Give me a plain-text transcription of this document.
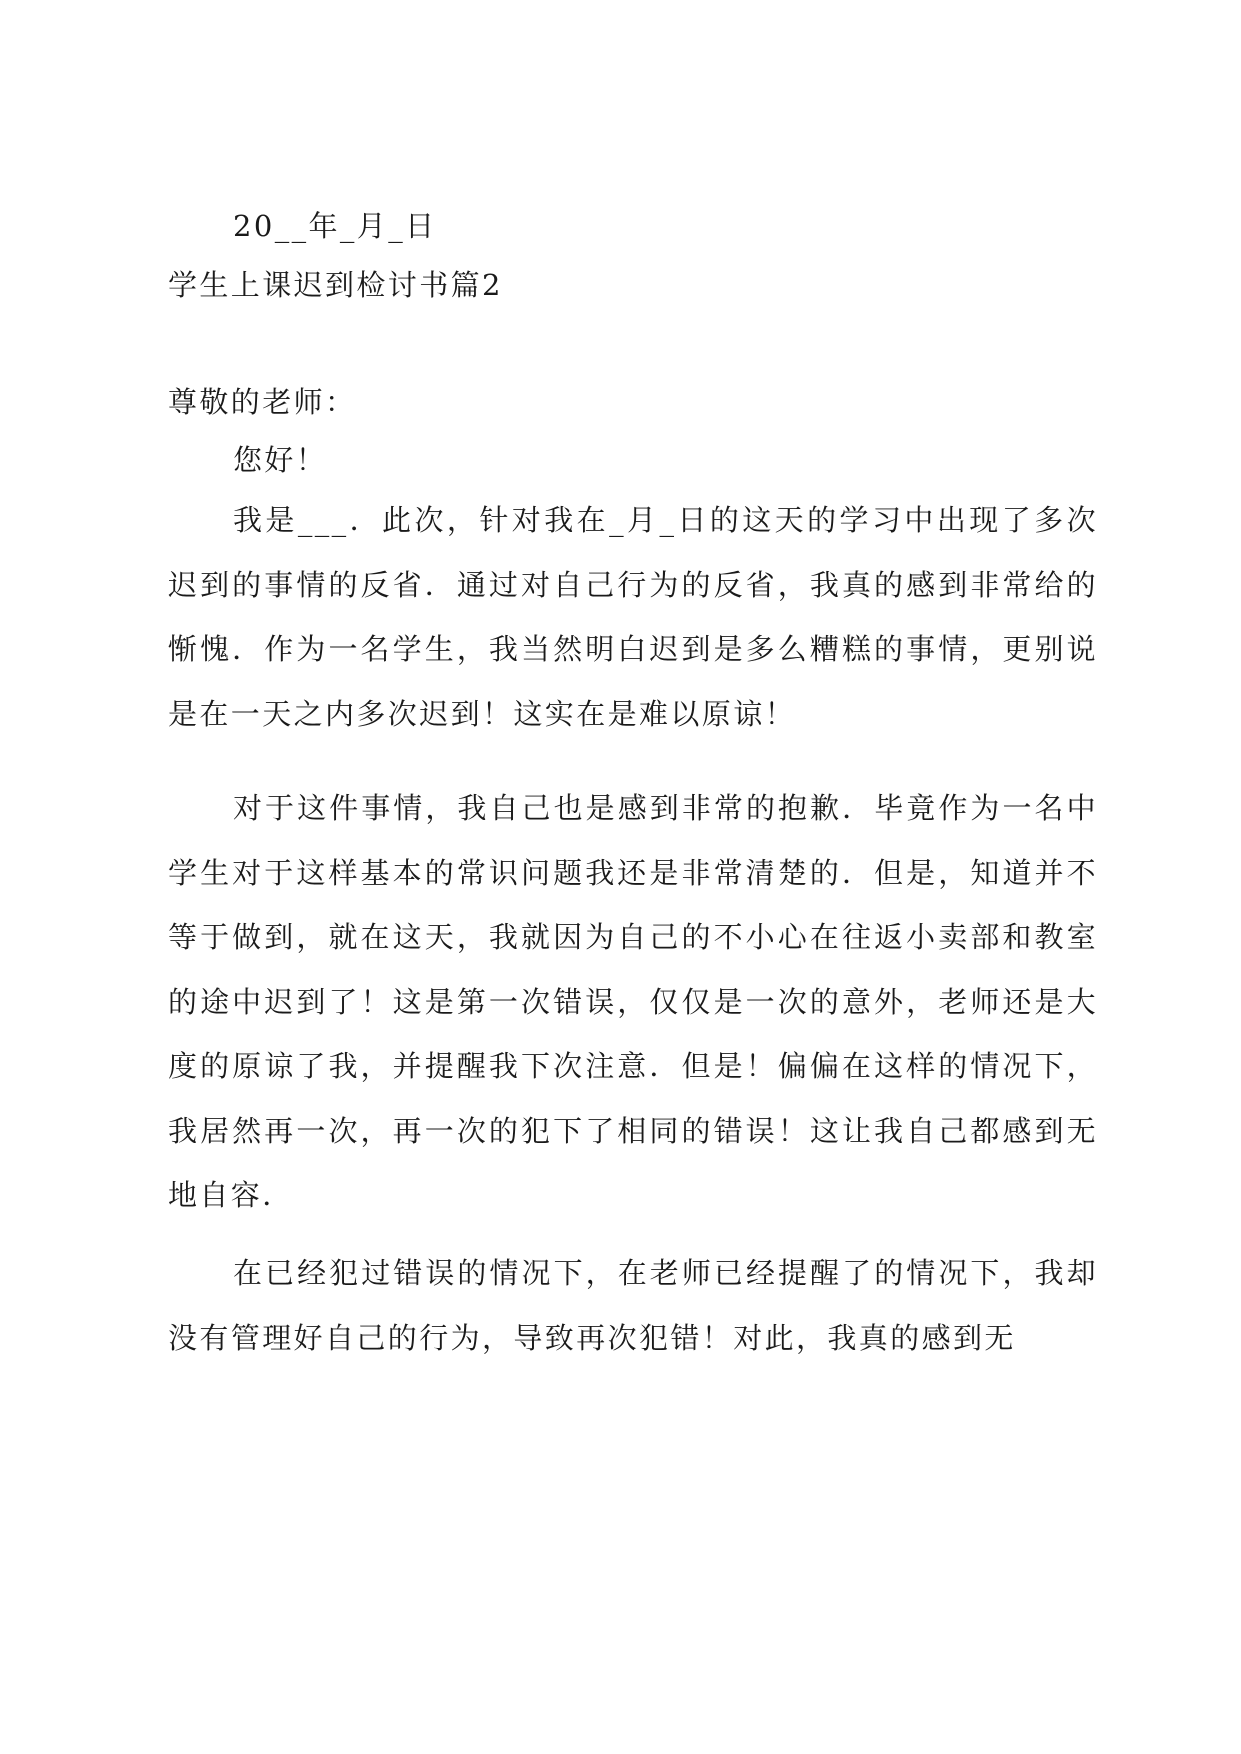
20__年_月_日
学生上课迟到检讨书篇2
尊敬的老师：
您好！

我是___．此次，针对我在_月_日的这天的学习中出现了多次迟到的事情的反省．通过对自己行为的反省，我真的感到非常给的惭愧．作为一名学生，我当然明白迟到是多么糟糕的事情，更别说是在一天之内多次迟到！这实在是难以原谅！

对于这件事情，我自己也是感到非常的抱歉．毕竟作为一名中学生对于这样基本的常识问题我还是非常清楚的．但是，知道并不等于做到，就在这天，我就因为自己的不小心在往返小卖部和教室的途中迟到了！这是第一次错误，仅仅是一次的意外，老师还是大度的原谅了我，并提醒我下次注意．但是！偏偏在这样的情况下，我居然再一次，再一次的犯下了相同的错误！这让我自己都感到无地自容．

在已经犯过错误的情况下，在老师已经提醒了的情况下，我却没有管理好自己的行为，导致再次犯错！对此，我真的感到无
